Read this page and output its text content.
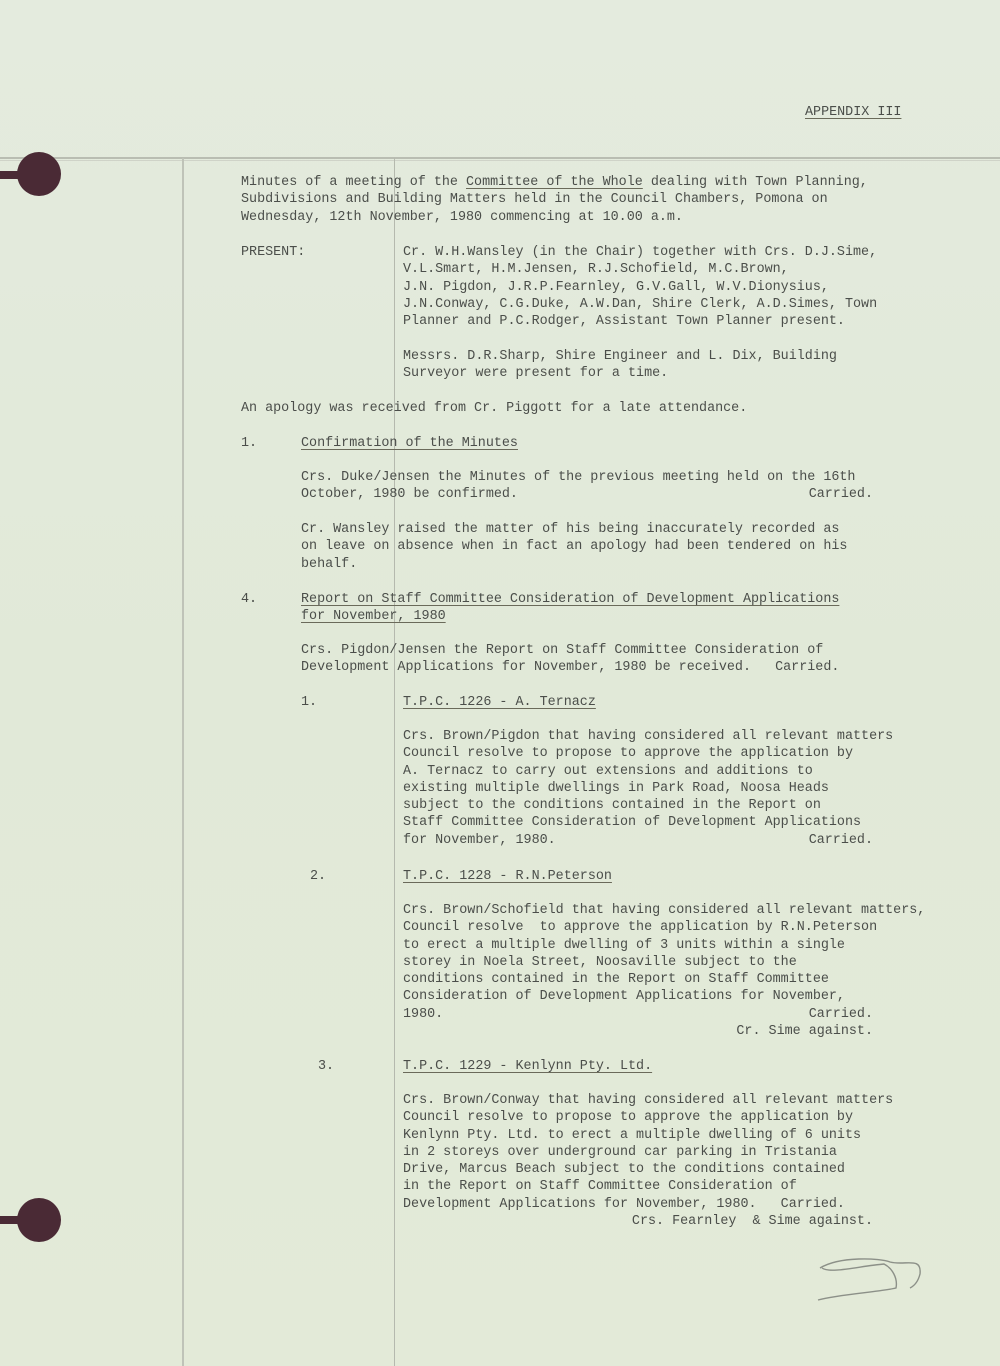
APPENDIX III
Minutes of a meeting of the Committee of the Whole dealing with Town Planning,
Subdivisions and Building Matters held in the Council Chambers, Pomona on
Wednesday, 12th November, 1980 commencing at 10.00 a.m.
PRESENT:	Cr. W.H.Wansley (in the Chair) together with Crs. D.J.Sime,
V.L.Smart, H.M.Jensen, R.J.Schofield, M.C.Brown,
J.N. Pigdon, J.R.P.Fearnley, G.V.Gall, W.V.Dionysius,
J.N.Conway, C.G.Duke, A.W.Dan, Shire Clerk, A.D.Simes, Town
Planner and P.C.Rodger, Assistant Town Planner present.
Messrs. D.R.Sharp, Shire Engineer and L. Dix, Building
Surveyor were present for a time.
An apology was received from Cr. Piggott for a late attendance.
1.	Confirmation of the Minutes
Crs. Duke/Jensen the Minutes of the previous meeting held on the 16th
October, 1980 be confirmed.	Carried.
Cr. Wansley raised the matter of his being inaccurately recorded as
on leave on absence when in fact an apology had been tendered on his
behalf.
4.	Report on Staff Committee Consideration of Development Applications
for November, 1980
Crs. Pigdon/Jensen the Report on Staff Committee Consideration of
Development Applications for November, 1980 be received.   Carried.
1.	T.P.C. 1226 - A. Ternacz
Crs. Brown/Pigdon that having considered all relevant matters
Council resolve to propose to approve the application by
A. Ternacz to carry out extensions and additions to
existing multiple dwellings in Park Road, Noosa Heads
subject to the conditions contained in the Report on
Staff Committee Consideration of Development Applications
for November, 1980.	Carried.
2.	T.P.C. 1228 - R.N.Peterson
Crs. Brown/Schofield that having considered all relevant matters,
Council resolve  to approve the application by R.N.Peterson
to erect a multiple dwelling of 3 units within a single
storey in Noela Street, Noosaville subject to the
conditions contained in the Report on Staff Committee
Consideration of Development Applications for November,
1980.	Carried.
Cr. Sime against.
3.	T.P.C. 1229 - Kenlynn Pty. Ltd.
Crs. Brown/Conway that having considered all relevant matters
Council resolve to propose to approve the application by
Kenlynn Pty. Ltd. to erect a multiple dwelling of 6 units
in 2 storeys over underground car parking in Tristania
Drive, Marcus Beach subject to the conditions contained
in the Report on Staff Committee Consideration of
Development Applications for November, 1980.   Carried.
Crs. Fearnley  & Sime against.
